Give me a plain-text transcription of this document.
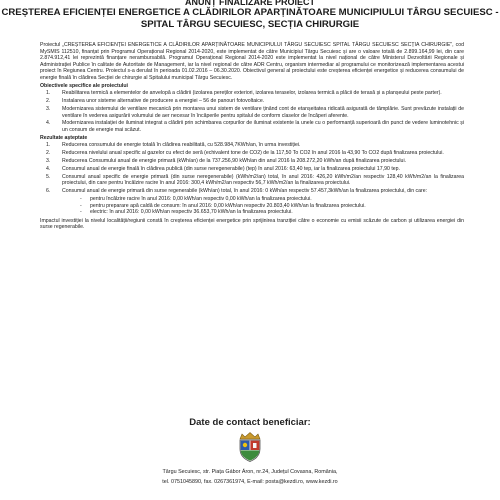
ANUNȚ FINALIZARE PROIECT
CREȘTEREA EFICIENȚEI ENERGETICE A CLĂDIRILOR APARȚINĂTOARE MUNICIPIULUI TÂRGU SECUIESC -
SPITAL TÂRGU SECUIESC, SECȚIA CHIRURGIE

Proiectul „CREȘTEREA EFICIENȚEI ENERGETICE A CLĂDIRILOR APARȚINĂTOARE MUNICIPIULUI TÂRGU SECUIESC SPITAL TÂRGU SECUIESC SECȚIA CHIRURGIE", cod MySMIS 112510, finanțat prin Programul Operațional Regional 2014-2020, este implementat de către Municipiul Târgu Secuiesc și are o valoare totală de 2.899.164,99 lei, din care 2.874.912,41 lei reprezintă finanțare nerambursabilă. Programul Operațional Regional 2014-2020 este implementat la nivel național de către Ministerul Dezvoltării Regionale și Administrației Publice în calitate de Autoritate de Management, iar la nivel regional de către ADR Centru, organism intermediar al programului ce monitorizează implementarea acestui proiect în Regiunea Centru. Proiectul s-a derulat în perioada 01.02.2016 – 06.30.2020. Obiectivul general al proiectului este creșterea eficienței energetice și reducerea consumului de energie finală în clădirea Secției de chirurgie al Spitalului municipal Târgu Secuiesc.

Obiectivele specifice ale proiectului
1.	Reabilitarea termică a elementelor de anvelopă a clădirii (izolarea pereților exteriori, izolarea teraselor, izolarea termică a plăcii de terasă și a planșeului peste parter).
2.	Instalarea unor sisteme alternative de producere a energiei – 56 de panouri fotovoltaice.
3.	Modernizarea sistemului de ventilare mecanică prin montarea unui sistem de ventilare ținând cont de etanșeitatea ridicată asigurată de tâmplărie. Sunt prevăzute instalații de ventilare în vederea asigurării volumului de aer necesar în încăperile pentru spitalul de conform claselor de încăperi aferente.
4.	Modernizarea instalației de iluminat integrat a clădirii prin schimbarea corpurilor de iluminat existente la unele cu o performanță superioară din punct de vedere luminotehnic și un consum de energie mai scăzut.
Rezultate așteptate
1.	Reducerea consumului de energie totală în clădirea reabilitată, cu 528.984,7KWh/an, în urma investiției.
2.	Reducerea nivelului anual specific al gazelor cu efect de seră (echivalent tone de CO2) de la 117,50 To CO2 în anul 2016 la 43,90 To CO2 după finalizarea proiectului.
3.	Reducerea Consumului anual de energie primară (kWh/an) de la 737.256,90 kWh/an din anul 2016 la 208.272,20 kWh/an după finalizarea proiectului.
4.	Consumul anual de energie finală în clădirea publică (din surse neregenerabile) (tep) în anul 2016: 63,40 tep, iar la finalizarea proiectului 17,90 tep.
5.	Consumul anual specific de energie primară (din surse neregenerabile) (kWh/m2/an) total, în anul 2016: 426,20 kWh/m2/an respectiv 128,40 kWh/m2/an la finalizarea proiectului, din care pentru încălzire racire în anul 2016: 300,4 kWh/m2/an respectiv 56,7 kWh/m2/an la finalizarea proiectului.
6.	Consumul anual de energie primară din surse regenerabile (kWh/an) total, în anul 2016: 0 kWh/an respectiv 57.457,3kWh/an la finalizarea proiectului, din care:
-	pentru încălzire racire în anul 2016: 0,00 kWh/an respectiv 0,00 kWh/an la finalizarea proiectului.
-	pentru preparare apă caldă de consum: în anul 2016: 0,00 kWh/an respectiv 20.803,40 kWh/an la finalizarea proiectului.
-	electric: în anul 2016: 0,00 kWh/an respectiv 36.653,70 kWh/an la finalizarea proiectului.

Impactul investiției la nivelul localității/regiunii constă în creșterea eficienței energetice prin sprijinirea tranziției către o economie cu emisii scăzute de carbon și utilizarea energiei din surse regenerabile.

Date de contact beneficiar:
Târgu Secuiesc, str. Piața Gábor Áron, nr.24, Județul Covasna, România,
tel. 0751045890, fax. 0267361974, E-mail: posta@kezdi.ro, www.kezdi.ro
